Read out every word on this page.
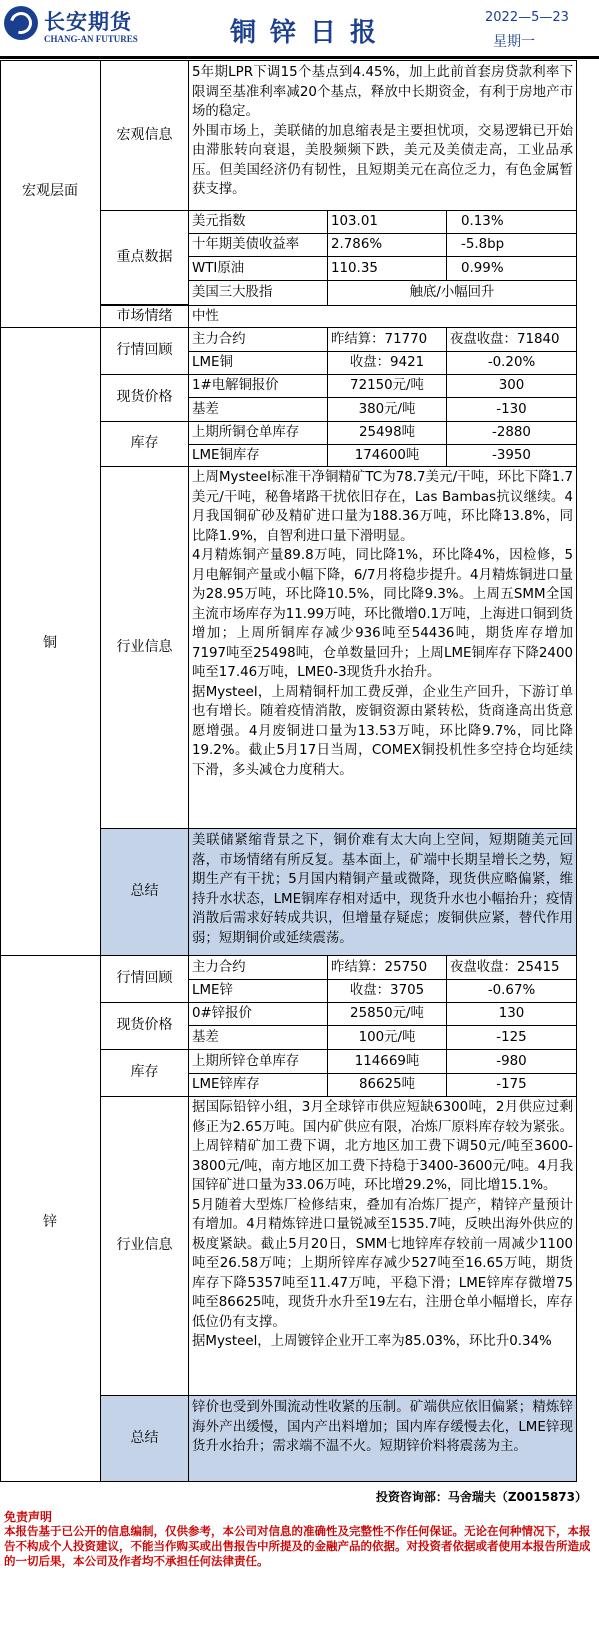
长安期货
CHANG-AN FUTURES	铜锌日报
2022—5—23
星期一
宏观层面
宏观信息
5年期LPR下调15个基点到4.45%，加上此前首套房贷款利率下限调至基准利率减20个基点，释放中长期资金，有利于房地产市场的稳定。
外围市场上，美联储的加息缩表是主要担忧项，交易逻辑已开始由滞胀转向衰退，美股频频下跌，美元及美债走高，工业品承压。但美国经济仍有韧性，且短期美元在高位乏力，有色金属暂获支撑。
重点数据
美元指数	103.01	0.13%
十年期美债收益率	2.786%	-5.8bp
WTI原油	110.35	0.99%
美国三大股指	触底/小幅回升
市场情绪	中性
铜
行情回顾
主力合约	昨结算：71770	夜盘收盘：71840
LME铜	收盘：9421	-0.20%
现货价格
1#电解铜报价	72150元/吨	300
基差	380元/吨	-130
库存
上期所铜仓单库存	25498吨	-2880
LME铜库存	174600吨	-3950
行业信息
上周Mysteel标准干净铜精矿TC为78.7美元/干吨，环比下降1.7美元/干吨，秘鲁堵路干扰依旧存在，Las Bambas抗议继续。4月我国铜矿砂及精矿进口量为188.36万吨，环比降13.8%，同比降1.9%，自智利进口量下滑明显。
4月精炼铜产量89.8万吨，同比降1%，环比降4%，因检修，5月电解铜产量或小幅下降，6/7月将稳步提升。4月精炼铜进口量为28.95万吨，环比降10.5%，同比降9.3%。上周五SMM全国主流市场库存为11.99万吨，环比微增0.1万吨，上海进口铜到货增加；上周所铜库存减少936吨至54436吨，期货库存增加7197吨至25498吨，仓单数量回升；上周LME铜库存下降2400吨至17.46万吨，LME0-3现货升水抬升。
据Mysteel，上周精铜杆加工费反弹，企业生产回升，下游订单也有增长。随着疫情消散，废铜资源由紧转松，货商逢高出货意愿增强。4月废铜进口量为13.53万吨，环比降9.7%，同比降19.2%。截止5月17日当周，COMEX铜投机性多空持仓均延续下滑，多头减仓力度稍大。
总结
美联储紧缩背景之下，铜价难有太大向上空间，短期随美元回落，市场情绪有所反复。基本面上，矿端中长期呈增长之势，短期生产有干扰；5月国内精铜产量或微降，现货供应略偏紧，维持升水状态，LME铜库存相对适中，现货升水也小幅抬升；疫情消散后需求好转成共识，但增量存疑虑；废铜供应紧，替代作用弱；短期铜价或延续震荡。
锌
行情回顾
主力合约	昨结算：25750	夜盘收盘：25415
LME锌	收盘：3705	-0.67%
现货价格
0#锌报价	25850元/吨	130
基差	100元/吨	-125
库存
上期所锌仓单库存	114669吨	-980
LME锌库存	86625吨	-175
行业信息
据国际铅锌小组，3月全球锌市供应短缺6300吨，2月供应过剩修正为2.65万吨。国内矿供应有限，冶炼厂原料库存较为紧张。上周锌精矿加工费下调，北方地区加工费下调50元/吨至3600-3800元/吨，南方地区加工费下持稳于3400-3600元/吨。4月我国锌矿进口量为33.06万吨，环比增29.2%，同比增15.1%。
5月随着大型炼厂检修结束，叠加有冶炼厂提产，精锌产量预计有增加。4月精炼锌进口量锐减至1535.7吨，反映出海外供应的极度紧缺。截止5月20日，SMM七地锌库存较前一周减少1100吨至26.58万吨；上期所锌库存减少527吨至16.65万吨，期货库存下降5357吨至11.47万吨，平稳下滑；LME锌库存微增75吨至86625吨，现货升水升至19左右，注册仓单小幅增长，库存低位仍有支撑。
据Mysteel，上周镀锌企业开工率为85.03%，环比升0.34%
总结
锌价也受到外围流动性收紧的压制。矿端供应依旧偏紧；精炼锌海外产出缓慢，国内产出料增加；国内库存缓慢去化，LME锌现货升水抬升；需求端不温不火。短期锌价料将震荡为主。
投资咨询部：马舍瑞夫（Z0015873）
免责声明
本报告基于已公开的信息编制，仅供参考，本公司对信息的准确性及完整性不作任何保证。无论在何种情况下，本报告不构成个人投资建议，不能当作购买或出售报告中所提及的金融产品的依据。对投资者依据或者使用本报告所造成的一切后果，本公司及作者均不承担任何法律责任。
